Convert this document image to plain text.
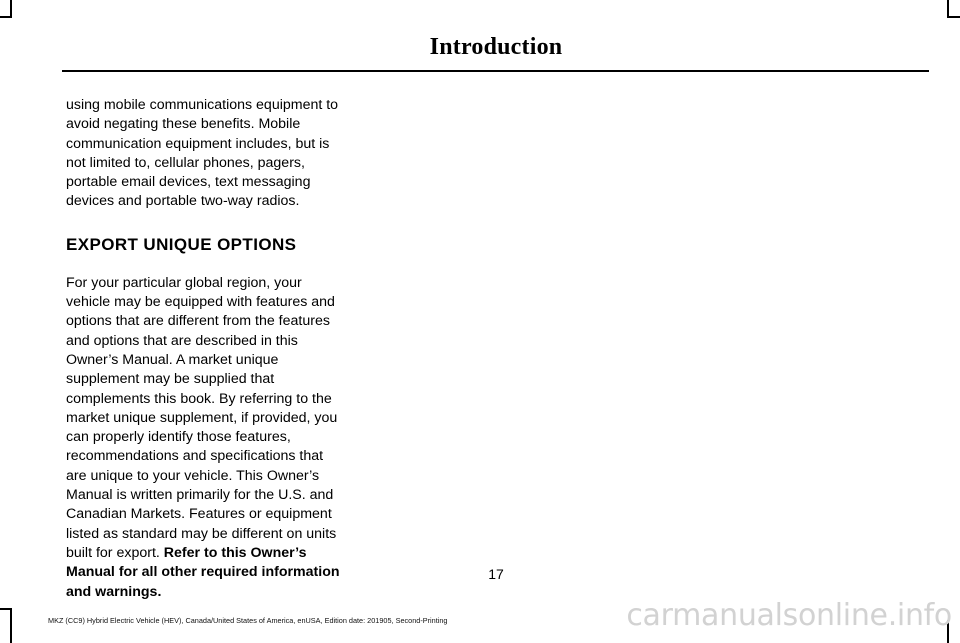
Introduction

using mobile communications equipment to avoid negating these benefits. Mobile communication equipment includes, but is not limited to, cellular phones, pagers, portable email devices, text messaging devices and portable two-way radios.

EXPORT UNIQUE OPTIONS

For your particular global region, your vehicle may be equipped with features and options that are different from the features and options that are described in this Owner’s Manual. A market unique supplement may be supplied that complements this book. By referring to the market unique supplement, if provided, you can properly identify those features, recommendations and specifications that are unique to your vehicle. This Owner’s Manual is written primarily for the U.S. and Canadian Markets. Features or equipment listed as standard may be different on units built for export. Refer to this Owner’s Manual for all other required information and warnings.

17
MKZ (CC9) Hybrid Electric Vehicle (HEV), Canada/United States of America, enUSA, Edition date: 201905, Second-Printing	carmanualsonline.info
